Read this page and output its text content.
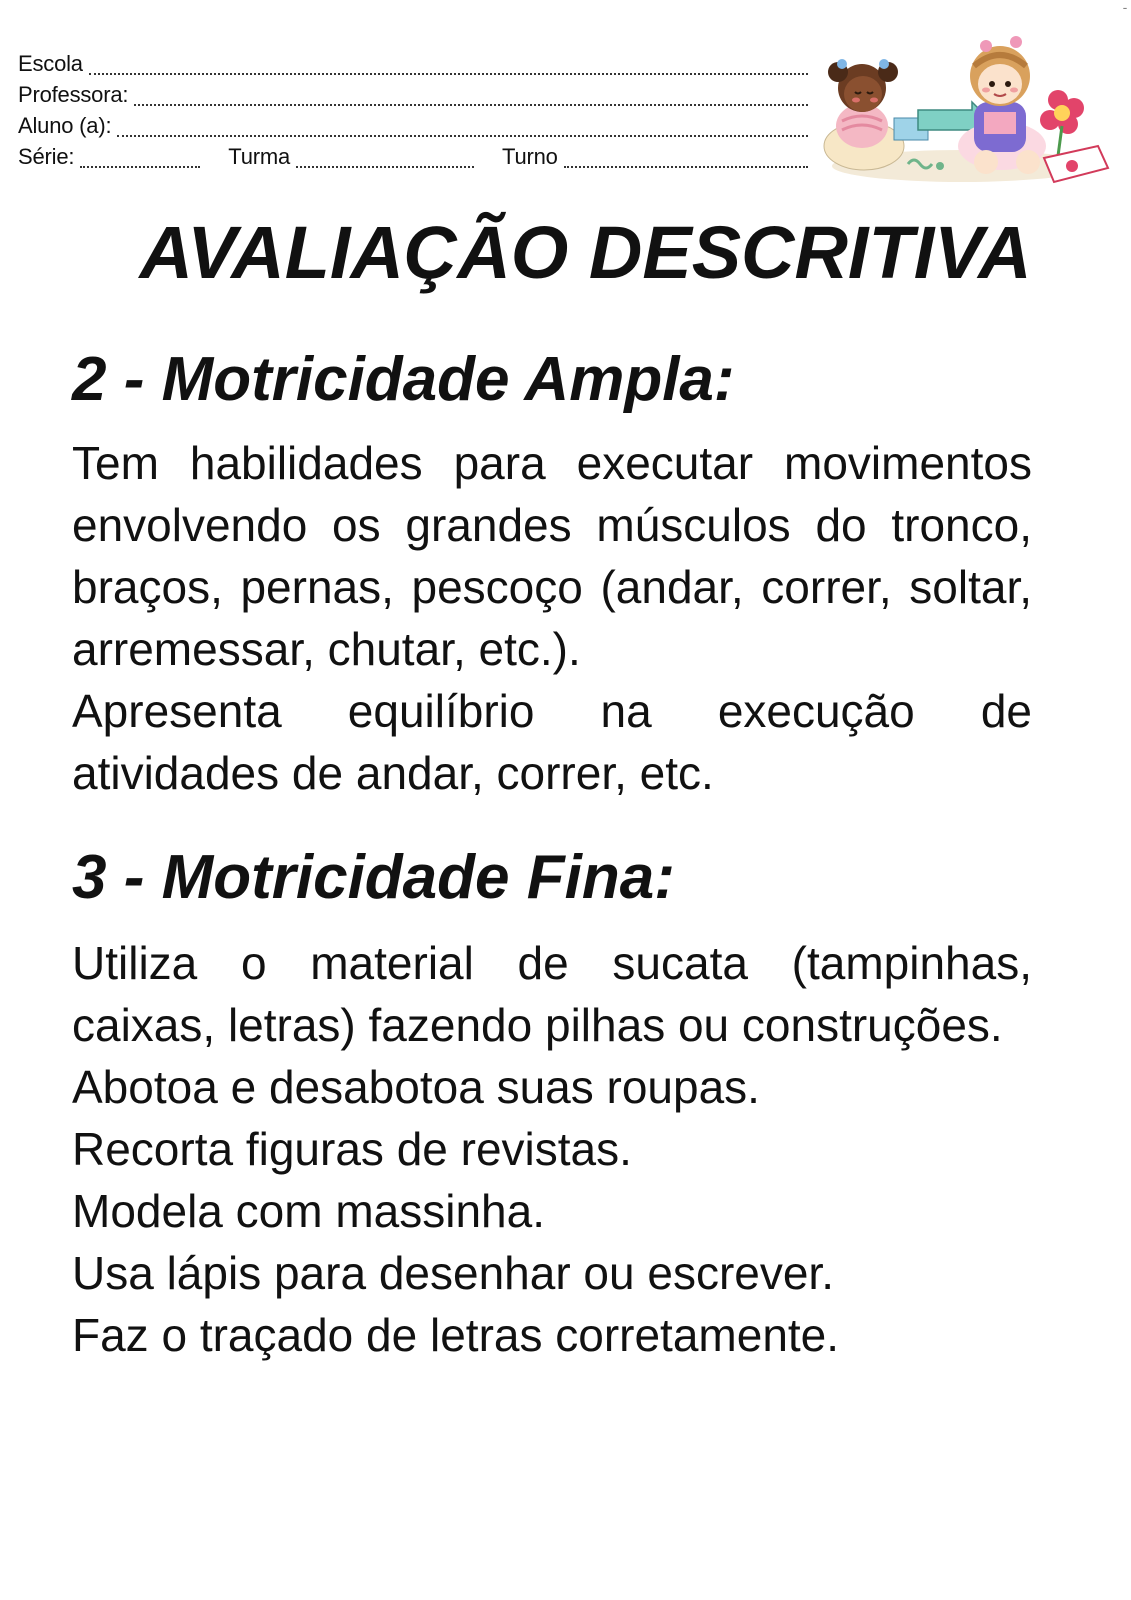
Escola
Professora:
Aluno (a):
Série:	Turma	Turno
AVALIAÇÃO DESCRITIVA
2 - Motricidade Ampla:

Tem habilidades para executar movimentos envolvendo os grandes músculos do tronco, braços, pernas, pescoço (andar, correr, soltar, arremessar, chutar, etc.).

Apresenta equilíbrio na execução de atividades de andar, correr, etc.

3 - Motricidade Fina:

Utiliza o material de sucata (tampinhas, caixas, letras) fazendo pilhas ou construções.

Abotoa e desabotoa suas roupas.

Recorta figuras de revistas.

Modela com massinha.

Usa lápis para desenhar ou escrever.

Faz o traçado de letras corretamente.
